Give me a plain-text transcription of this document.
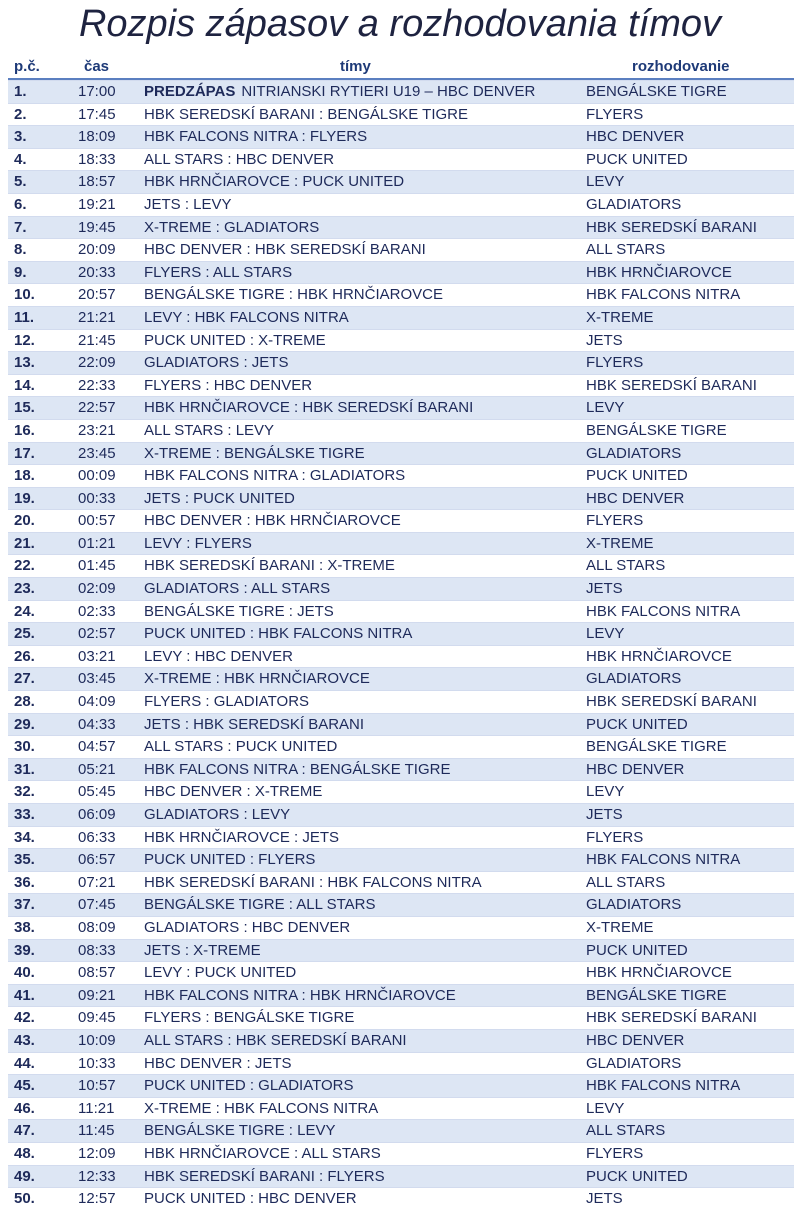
Rozpis zápasov a rozhodovania tímov
p.č.	čas	tímy	rozhodovanie
1.	17:00 PREDZÁPAS NITRIANSKI RYTIERI U19 – HBC DENVER	BENGÁLSKE TIGRE
2.	17:45 HBK SEREDSKÍ BARANI : BENGÁLSKE TIGRE	FLYERS
3.	18:09 HBK FALCONS NITRA : FLYERS	HBC DENVER
4.	18:33 ALL STARS : HBC DENVER	PUCK UNITED
5.	18:57 HBK HRNČIAROVCE : PUCK UNITED	LEVY
6.	19:21 JETS : LEVY	GLADIATORS
7.	19:45 X-TREME : GLADIATORS	HBK SEREDSKÍ BARANI
8.	20:09 HBC DENVER : HBK SEREDSKÍ BARANI	ALL STARS
9.	20:33 FLYERS : ALL STARS	HBK HRNČIAROVCE
10.	20:57 BENGÁLSKE TIGRE : HBK HRNČIAROVCE	HBK FALCONS NITRA
11.	21:21 LEVY : HBK FALCONS NITRA	X-TREME
12.	21:45 PUCK UNITED : X-TREME	JETS
13.	22:09 GLADIATORS : JETS	FLYERS
14.	22:33 FLYERS : HBC DENVER	HBK SEREDSKÍ BARANI
15.	22:57 HBK HRNČIAROVCE : HBK SEREDSKÍ BARANI	LEVY
16.	23:21 ALL STARS : LEVY	BENGÁLSKE TIGRE
17.	23:45 X-TREME : BENGÁLSKE TIGRE	GLADIATORS
18.	00:09 HBK FALCONS NITRA : GLADIATORS	PUCK UNITED
19.	00:33 JETS : PUCK UNITED	HBC DENVER
20.	00:57 HBC DENVER : HBK HRNČIAROVCE	FLYERS
21.	01:21 LEVY : FLYERS	X-TREME
22.	01:45 HBK SEREDSKÍ BARANI : X-TREME	ALL STARS
23.	02:09 GLADIATORS : ALL STARS	JETS
24.	02:33 BENGÁLSKE TIGRE : JETS	HBK FALCONS NITRA
25.	02:57 PUCK UNITED : HBK FALCONS NITRA	LEVY
26.	03:21 LEVY : HBC DENVER	HBK HRNČIAROVCE
27.	03:45 X-TREME : HBK HRNČIAROVCE	GLADIATORS
28.	04:09 FLYERS : GLADIATORS	HBK SEREDSKÍ BARANI
29.	04:33 JETS : HBK SEREDSKÍ BARANI	PUCK UNITED
30.	04:57 ALL STARS : PUCK UNITED	BENGÁLSKE TIGRE
31.	05:21 HBK FALCONS NITRA : BENGÁLSKE TIGRE	HBC DENVER
32.	05:45 HBC DENVER : X-TREME	LEVY
33.	06:09 GLADIATORS : LEVY	JETS
34.	06:33 HBK HRNČIAROVCE : JETS	FLYERS
35.	06:57 PUCK UNITED : FLYERS	HBK FALCONS NITRA
36.	07:21 HBK SEREDSKÍ BARANI : HBK FALCONS NITRA	ALL STARS
37.	07:45 BENGÁLSKE TIGRE : ALL STARS	GLADIATORS
38.	08:09 GLADIATORS : HBC DENVER	X-TREME
39.	08:33 JETS : X-TREME	PUCK UNITED
40.	08:57 LEVY : PUCK UNITED	HBK HRNČIAROVCE
41.	09:21 HBK FALCONS NITRA : HBK HRNČIAROVCE	BENGÁLSKE TIGRE
42.	09:45 FLYERS : BENGÁLSKE TIGRE	HBK SEREDSKÍ BARANI
43.	10:09 ALL STARS : HBK SEREDSKÍ BARANI	HBC DENVER
44.	10:33 HBC DENVER : JETS	GLADIATORS
45.	10:57 PUCK UNITED : GLADIATORS	HBK FALCONS NITRA
46.	11:21 X-TREME : HBK FALCONS NITRA	LEVY
47.	11:45 BENGÁLSKE TIGRE : LEVY	ALL STARS
48.	12:09 HBK HRNČIAROVCE : ALL STARS	FLYERS
49.	12:33 HBK SEREDSKÍ BARANI : FLYERS	PUCK UNITED
50.	12:57 PUCK UNITED : HBC DENVER	JETS
